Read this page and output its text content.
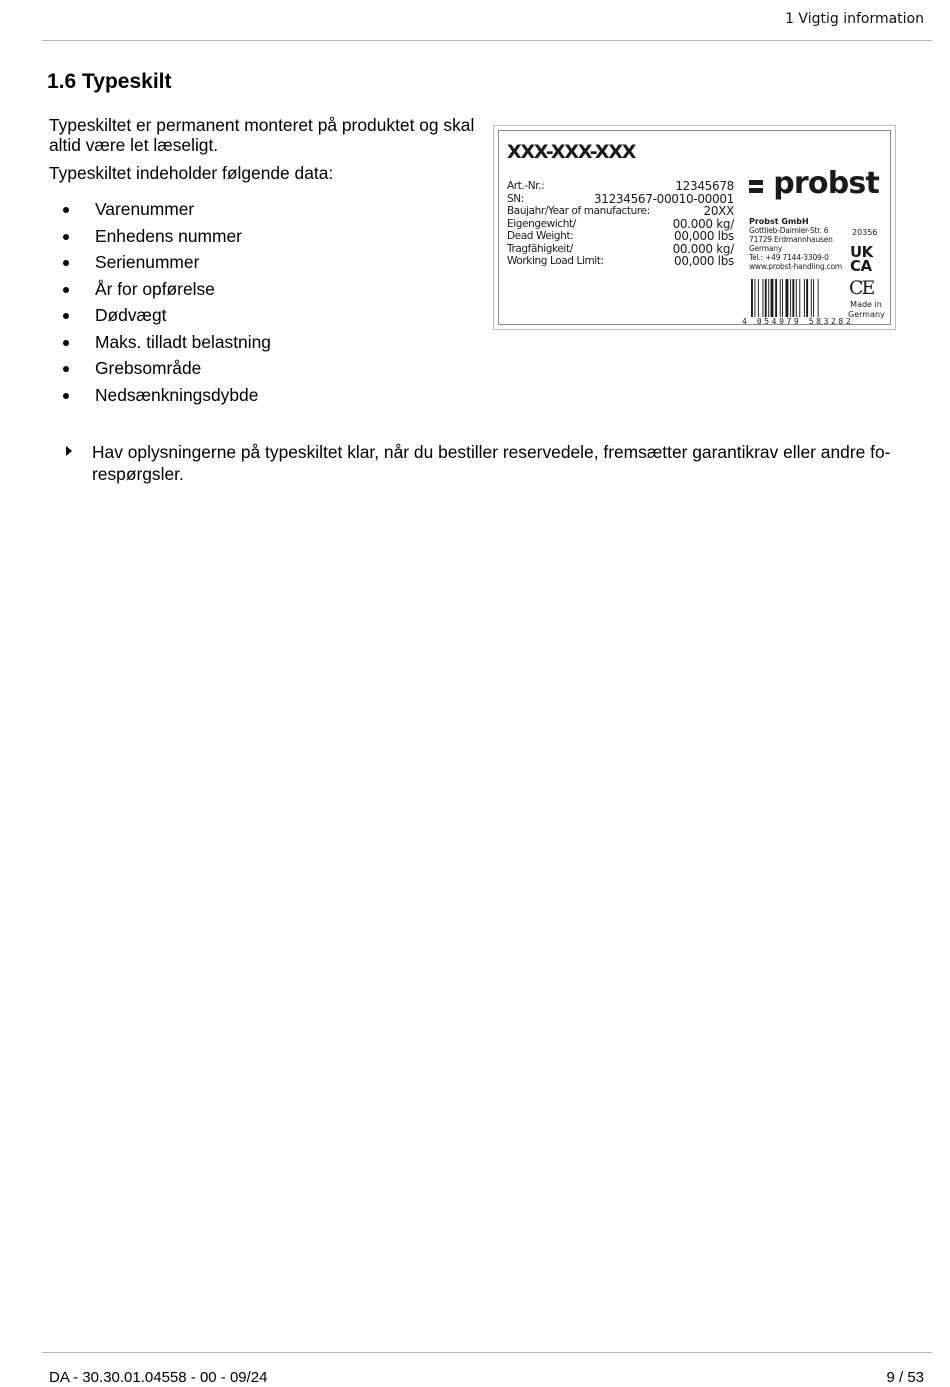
1 Vigtig information
1.6 Typeskilt

Typeskiltet er permanent monteret på produktet og skal altid være let læseligt.

Typeskiltet indeholder følgende data:

Varenummer
Enhedens nummer
Serienummer
År for opførelse
Dødvægt
Maks. tilladt belastning
Grebsområde
Nedsænkningsdybde
XXX-XXX-XXX
Art.-Nr.:	12345678
SN:	31234567-00010-00001
Baujahr/Year of manufacture:	20XX
Eigengewicht/	00.000 kg/
Dead Weight:	00,000 lbs
Tragfähigkeit/	00.000 kg/
Working Load Limit:	00,000 lbs
probst
Probst GmbH
Gottlieb-Daimler-Str. 6
71729 Erdmannhausen
Germany
Tel.: +49 7144-3309-0
www.probst-handling.com
20356
UK CA
CE
Made in Germany
4 054979 583282
Hav oplysningerne på typeskiltet klar, når du bestiller reservedele, fremsætter garantikrav eller andre fo-respørgsler.
DA - 30.30.01.04558 - 00 - 09/24	9 / 53
